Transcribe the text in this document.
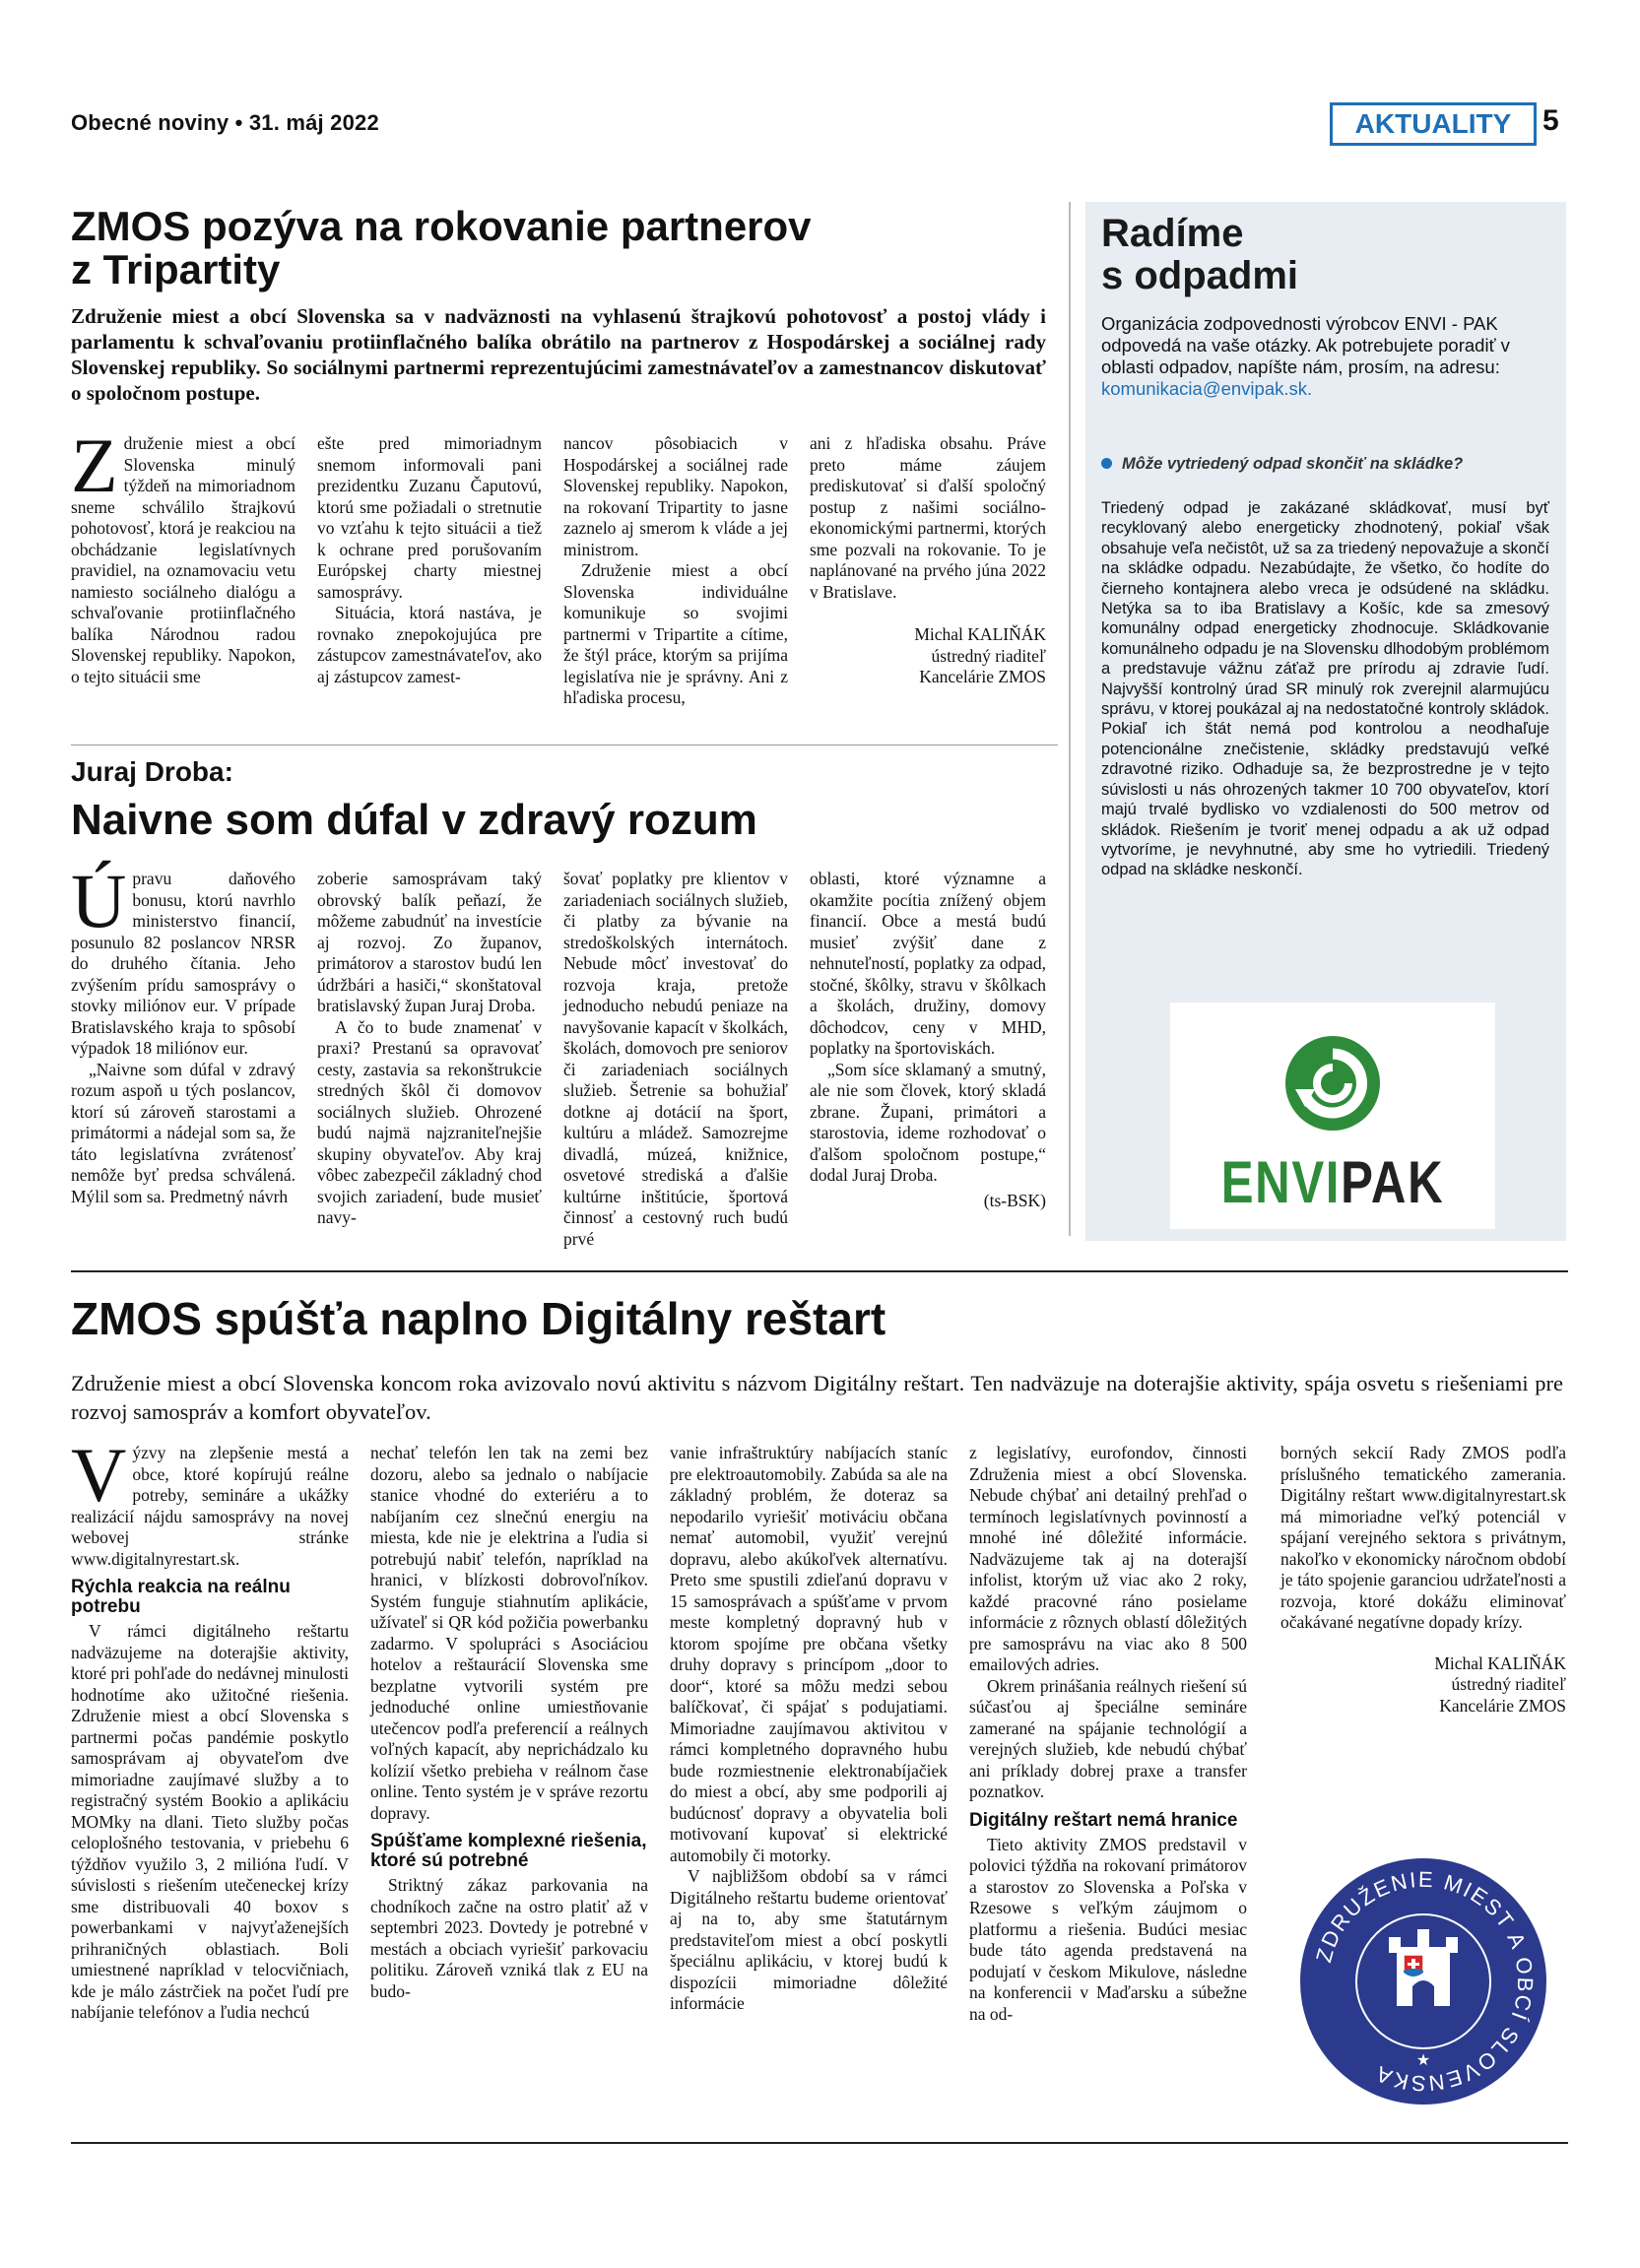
Obecné noviny • 31. máj 2022	AKTUALITY	5
ZMOS pozýva na rokovanie partnerov
z Tripartity
Združenie miest a obcí Slovenska sa v nadväznosti na vyhlasenú štrajkovú pohotovosť a postoj vlády i parlamentu k schvaľovaniu protiinflačného balíka obrátilo na partnerov z Hospodárskej a sociálnej rady Slovenskej republiky. So sociálnymi partnermi reprezentujúcimi zamestnávateľov a zamestnancov diskutovať o spoločnom postupe.

Združenie miest a obcí Slovenska minulý týždeň na mimoriadnom sneme schválilo štrajkovú pohotovosť, ktorá je reakciou na obchádzanie legislatívnych pravidiel, na oznamovaciu vetu namiesto sociálneho dialógu a schvaľovanie protiinflačného balíka Národnou radou Slovenskej republiky. Napokon, o tejto situácii sme

ešte pred mimoriadnym snemom informovali pani prezidentku Zuzanu Čaputovú, ktorú sme požiadali o stretnutie vo vzťahu k tejto situácii a tiež k ochrane pred porušovaním Európskej charty miestnej samosprávy.

Situácia, ktorá nastáva, je rovnako znepokojujúca pre zástupcov zamestnávateľov, ako aj zástupcov zamest-

nancov pôsobiacich v Hospodárskej a sociálnej rade Slovenskej republiky. Napokon, na rokovaní Tripartity to jasne zaznelo aj smerom k vláde a jej ministrom.

Združenie miest a obcí Slovenska individuálne komunikuje so svojimi partnermi v Tripartite a cítime, že štýl práce, ktorým sa prijíma legislatíva nie je správny. Ani z hľadiska procesu,

ani z hľadiska obsahu. Práve preto máme záujem prediskutovať si ďalší spoločný postup z našimi sociálno-ekonomickými partnermi, ktorých sme pozvali na rokovanie. To je naplánované na prvého júna 2022 v Bratislave.

Michal KALIŇÁK
ústredný riaditeľ
Kancelárie ZMOS
Radíme
s odpadmi
Organizácia zodpovednosti výrobcov ENVI - PAK odpovedá na vaše otázky. Ak potrebujete poradiť v oblasti odpadov, napíšte nám, prosím, na adresu: komunikacia@envipak.sk.
Môže vytriedený odpad skončiť na skládke?
Triedený odpad je zakázané skládkovať, musí byť recyklovaný alebo energeticky zhodnotený, pokiaľ však obsahuje veľa nečistôt, už sa za triedený nepovažuje a skončí na skládke odpadu. Nezabúdajte, že všetko, čo hodíte do čierneho kontajnera alebo vreca je odsúdené na skládku. Netýka sa to iba Bratislavy a Košíc, kde sa zmesový komunálny odpad energeticky zhodnocuje. Skládkovanie komunálneho odpadu je na Slovensku dlhodobým problémom a predstavuje vážnu záťaž pre prírodu aj zdravie ľudí. Najvyšší kontrolný úrad SR minulý rok zverejnil alarmujúcu správu, v ktorej poukázal aj na nedostatočné kontroly skládok. Pokiaľ ich štát nemá pod kontrolou a neodhaľuje potencionálne znečistenie, skládky predstavujú veľké zdravotné riziko. Odhaduje sa, že bezprostredne je v tejto súvislosti u nás ohrozených takmer 10 700 obyvateľov, ktorí majú trvalé bydlisko vo vzdialenosti do 500 metrov od skládok. Riešením je tvoriť menej odpadu a ak už odpad vytvoríme, je nevyhnutné, aby sme ho vytriedili. Triedený odpad na skládke neskončí.
ENVIPAK
Juraj Droba:
Naivne som dúfal v zdravý rozum

Úpravu daňového bonusu, ktorú navrhlo ministerstvo financií, posunulo 82 poslancov NRSR do druhého čítania. Jeho zvýšením prídu samosprávy o stovky miliónov eur. V prípade Bratislavského kraja to spôsobí výpadok 18 miliónov eur.

„Naivne som dúfal v zdravý rozum aspoň u tých poslancov, ktorí sú zároveň starostami a primátormi a nádejal som sa, že táto legislatívna zvrátenosť nemôže byť predsa schválená. Mýlil som sa. Predmetný návrh

zoberie samosprávam taký obrovský balík peňazí, že môžeme zabudnúť na investície aj rozvoj. Zo županov, primátorov a starostov budú len údržbári a hasiči,“ skonštatoval bratislavský župan Juraj Droba.

A čo to bude znamenať v praxi? Prestanú sa opravovať cesty, zastavia sa rekonštrukcie stredných škôl či domovov sociálnych služieb. Ohrozené budú najmä najzraniteľnejšie skupiny obyvateľov. Aby kraj vôbec zabezpečil základný chod svojich zariadení, bude musieť navy-

šovať poplatky pre klientov v zariadeniach sociálnych služieb, či platby za bývanie na stredoškolských internátoch. Nebude môcť investovať do rozvoja kraja, pretože jednoducho nebudú peniaze na navyšovanie kapacít v školkách, školách, domovoch pre seniorov či zariadeniach sociálnych služieb. Šetrenie sa bohužiaľ dotkne aj dotácií na šport, kultúru a mládež. Samozrejme divadlá, múzeá, knižnice, osvetové strediská a ďalšie kultúrne inštitúcie, športová činnosť a cestovný ruch budú prvé

oblasti, ktoré významne a okamžite pocítia znížený objem financií. Obce a mestá budú musieť zvýšiť dane z nehnuteľností, poplatky za odpad, stočné, škôlky, stravu v škôlkach a školách, družiny, domovy dôchodcov, ceny v MHD, poplatky na športoviskách.

„Som síce sklamaný a smutný, ale nie som človek, ktorý skladá zbrane. Župani, primátori a starostovia, ideme rozhodovať o ďalšom spoločnom postupe,“ dodal Juraj Droba.

(ts-BSK)
ZMOS spúšťa naplno Digitálny reštart
Združenie miest a obcí Slovenska koncom roka avizovalo novú aktivitu s názvom Digitálny reštart. Ten nadväzuje na doterajšie aktivity, spája osvetu s riešeniami pre rozvoj samospráv a komfort obyvateľov.

Výzvy na zlepšenie mestá a obce, ktoré kopírujú reálne potreby, semináre a ukážky realizácií nájdu samosprávy na novej webovej stránke www.digitalnyrestart.sk.

Rýchla reakcia na reálnu potrebu

V rámci digitálneho reštartu nadväzujeme na doterajšie aktivity, ktoré pri pohľade do nedávnej minulosti hodnotíme ako užitočné riešenia. Združenie miest a obcí Slovenska s partnermi počas pandémie poskytlo samosprávam aj obyvateľom dve mimoriadne zaujímavé služby a to registračný systém Bookio a aplikáciu MOMky na dlani. Tieto služby počas celoplošného testovania, v priebehu 6 týždňov využilo 3, 2 milióna ľudí. V súvislosti s riešením utečeneckej krízy sme distribuovali 40 boxov s powerbankami v najvyťaženejších prihraničných oblastiach. Boli umiestnené napríklad v telocvičniach, kde je málo zástrčiek na počet ľudí pre nabíjanie telefónov a ľudia nechcú

nechať telefón len tak na zemi bez dozoru, alebo sa jednalo o nabíjacie stanice vhodné do exteriéru a to nabíjaním cez slnečnú energiu na miesta, kde nie je elektrina a ľudia si potrebujú nabiť telefón, napríklad na hranici, v blízkosti dobrovoľníkov. Systém funguje stiahnutím aplikácie, užívateľ si QR kód požičia powerbanku zadarmo. V spolupráci s Asociáciou hotelov a reštaurácií Slovenska sme bezplatne vytvorili systém pre jednoduché online umiestňovanie utečencov podľa preferencií a reálnych voľných kapacít, aby neprichádzalo ku kolízií všetko prebieha v reálnom čase online. Tento systém je v správe rezortu dopravy.

Spúšťame komplexné riešenia, ktoré sú potrebné

Striktný zákaz parkovania na chodníkoch začne na ostro platiť až v septembri 2023. Dovtedy je potrebné v mestách a obciach vyriešiť parkovaciu politiku. Zároveň vzniká tlak z EU na budo-

vanie infraštruktúry nabíjacích staníc pre elektroautomobily. Zabúda sa ale na základný problém, že doteraz sa nepodarilo vyriešiť motiváciu občana nemať automobil, využiť verejnú dopravu, alebo akúkoľvek alternatívu. Preto sme spustili zdieľanú dopravu v 15 samosprávach a spúšťame v prvom meste kompletný dopravný hub v ktorom spojíme pre občana všetky druhy dopravy s princípom „door to door“, ktoré sa môžu medzi sebou balíčkovať, či spájať s podujatiami. Mimoriadne zaujímavou aktivitou v rámci kompletného dopravného hubu bude rozmiestnenie elektronabíjačiek do miest a obcí, aby sme podporili aj budúcnosť dopravy a obyvatelia boli motivovaní kupovať si elektrické automobily či motorky.

V najbližšom období sa v rámci Digitálneho reštartu budeme orientovať aj na to, aby sme štatutárnym predstaviteľom miest a obcí poskytli špeciálnu aplikáciu, v ktorej budú k dispozícii mimoriadne dôležité informácie

z legislatívy, eurofondov, činnosti Združenia miest a obcí Slovenska. Nebude chýbať ani detailný prehľad o termínoch legislatívnych povinností a mnohé iné dôležité informácie. Nadväzujeme tak aj na doterajší infolist, ktorým už viac ako 2 roky, každé pracovné ráno posielame informácie z rôznych oblastí dôležitých pre samosprávu na viac ako 8 500 emailových adries.

Okrem prinášania reálnych riešení sú súčasťou aj špeciálne semináre zamerané na spájanie technológií a verejných služieb, kde nebudú chýbať ani príklady dobrej praxe a transfer poznatkov.

Digitálny reštart nemá hranice

Tieto aktivity ZMOS predstavil v polovici týždňa na rokovaní primátorov a starostov zo Slovenska a Poľska v Rzesowe s veľkým záujmom o platformu a riešenia. Budúci mesiac bude táto agenda predstavená na podujatí v českom Mikulove, následne na konferencii v Maďarsku a súbežne na od-

borných sekcií Rady ZMOS podľa príslušného tematického zamerania. Digitálny reštart www.digitalnyrestart.sk má mimoriadne veľký potenciál v spájaní verejného sektora s privátnym, nakoľko v ekonomicky náročnom období je táto spojenie garanciou udržateľnosti a rozvoja, ktoré dokážu eliminovať očakávané negatívne dopady krízy.

Michal KALIŇÁK
ústredný riaditeľ
Kancelárie ZMOS
ZDRUŽENIE MIEST A OBCÍ SLOVENSKA
★
